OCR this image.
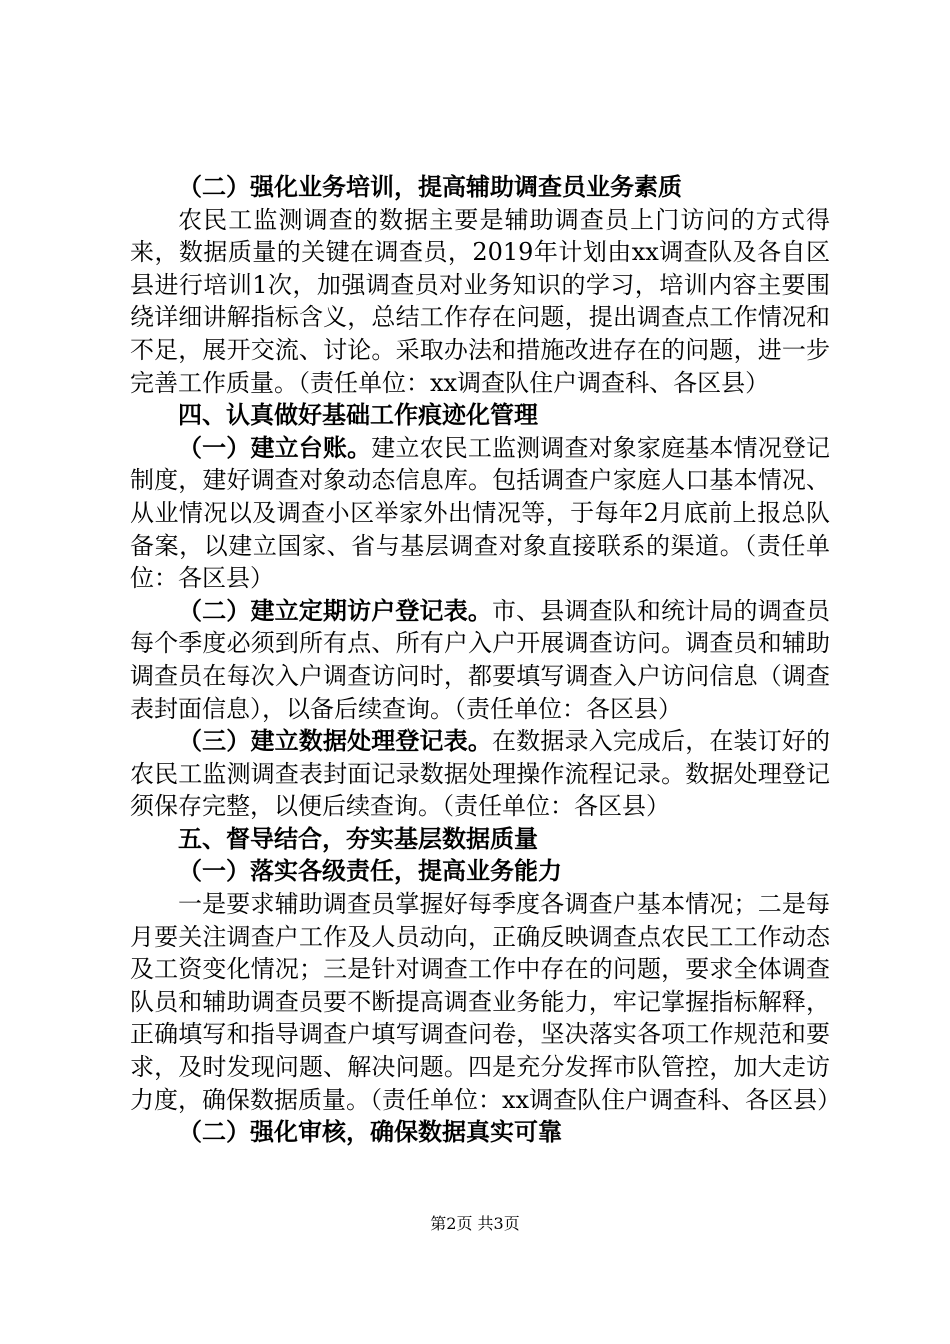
（二）强化业务培训，提高辅助调查员业务素质

农民工监测调查的数据主要是辅助调查员上门访问的方式得来，数据质量的关键在调查员，2019年计划由xx调查队及各自区县进行培训1次，加强调查员对业务知识的学习，培训内容主要围绕详细讲解指标含义，总结工作存在问题，提出调查点工作情况和不足，展开交流、讨论。采取办法和措施改进存在的问题，进一步完善工作质量。（责任单位：xx调查队住户调查科、各区县）

四、认真做好基础工作痕迹化管理

（一）建立台账。建立农民工监测调查对象家庭基本情况登记制度，建好调查对象动态信息库。包括调查户家庭人口基本情况、从业情况以及调查小区举家外出情况等，于每年2月底前上报总队备案，以建立国家、省与基层调查对象直接联系的渠道。（责任单位：各区县）

（二）建立定期访户登记表。市、县调查队和统计局的调查员每个季度必须到所有点、所有户入户开展调查访问。调查员和辅助调查员在每次入户调查访问时，都要填写调查入户访问信息（调查表封面信息），以备后续查询。（责任单位：各区县）

（三）建立数据处理登记表。在数据录入完成后，在装订好的农民工监测调查表封面记录数据处理操作流程记录。数据处理登记须保存完整，以便后续查询。（责任单位：各区县）

五、督导结合，夯实基层数据质量

（一）落实各级责任，提高业务能力

一是要求辅助调查员掌握好每季度各调查户基本情况；二是每月要关注调查户工作及人员动向，正确反映调查点农民工工作动态及工资变化情况；三是针对调查工作中存在的问题，要求全体调查队员和辅助调查员要不断提高调查业务能力，牢记掌握指标解释，正确填写和指导调查户填写调查问卷，坚决落实各项工作规范和要求，及时发现问题、解决问题。四是充分发挥市队管控，加大走访力度，确保数据质量。（责任单位：xx调查队住户调查科、各区县）

（二）强化审核，确保数据真实可靠

第2页 共3页
